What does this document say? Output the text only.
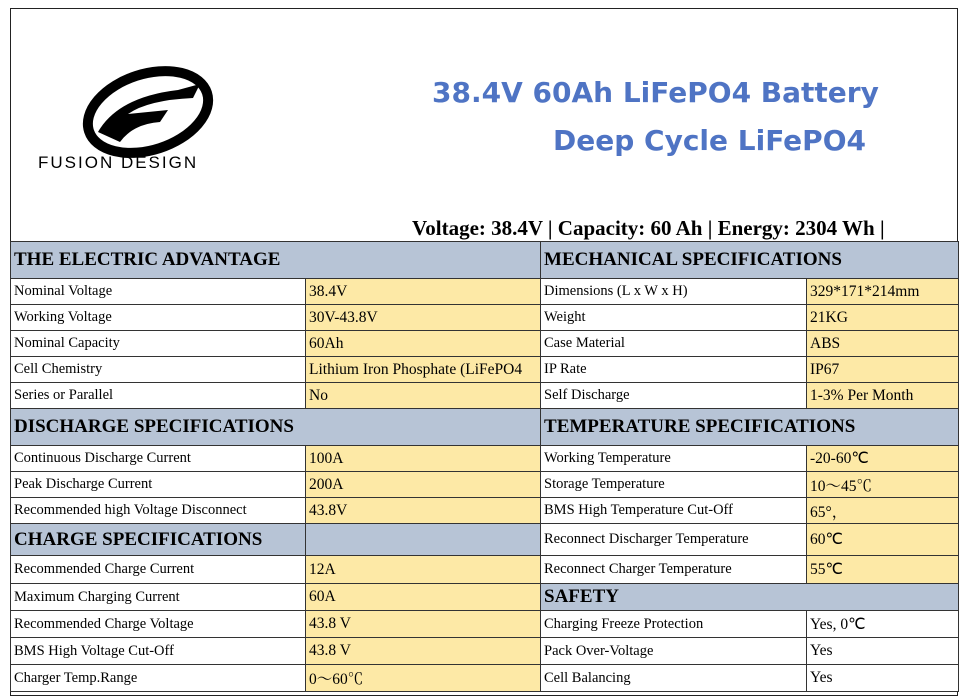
FUSION DESIGN
38.4V 60Ah LiFePO4 Battery
Deep Cycle LiFePO4
Voltage: 38.4V | Capacity: 60 Ah | Energy: 2304 Wh |
THE ELECTRIC ADVANTAGE		MECHANICAL SPECIFICATIONS	
Nominal Voltage	38.4V	Dimensions (L x W x H)	329*171*214mm
Working Voltage	30V-43.8V	Weight	21KG
Nominal Capacity	60Ah	Case Material	ABS
Cell Chemistry	Lithium Iron Phosphate (LiFePO4	IP Rate	IP67
Series or Parallel	No	Self Discharge	1-3% Per Month
DISCHARGE SPECIFICATIONS		TEMPERATURE SPECIFICATIONS	
Continuous Discharge Current	100A	Working Temperature	-20-60℃
Peak Discharge Current	200A	Storage Temperature	10～45℃
Recommended high Voltage Disconnect	43.8V	BMS High Temperature Cut-Off	65°，
CHARGE SPECIFICATIONS		Reconnect Discharger Temperature	60℃
Recommended Charge Current	12A	Reconnect Charger Temperature	55℃
Maximum Charging Current	60A	SAFETY	
Recommended Charge Voltage	43.8 V	Charging Freeze Protection	Yes, 0℃
BMS High Voltage Cut-Off	43.8 V	Pack Over-Voltage	Yes
Charger Temp.Range	0～60℃	Cell Balancing	Yes
